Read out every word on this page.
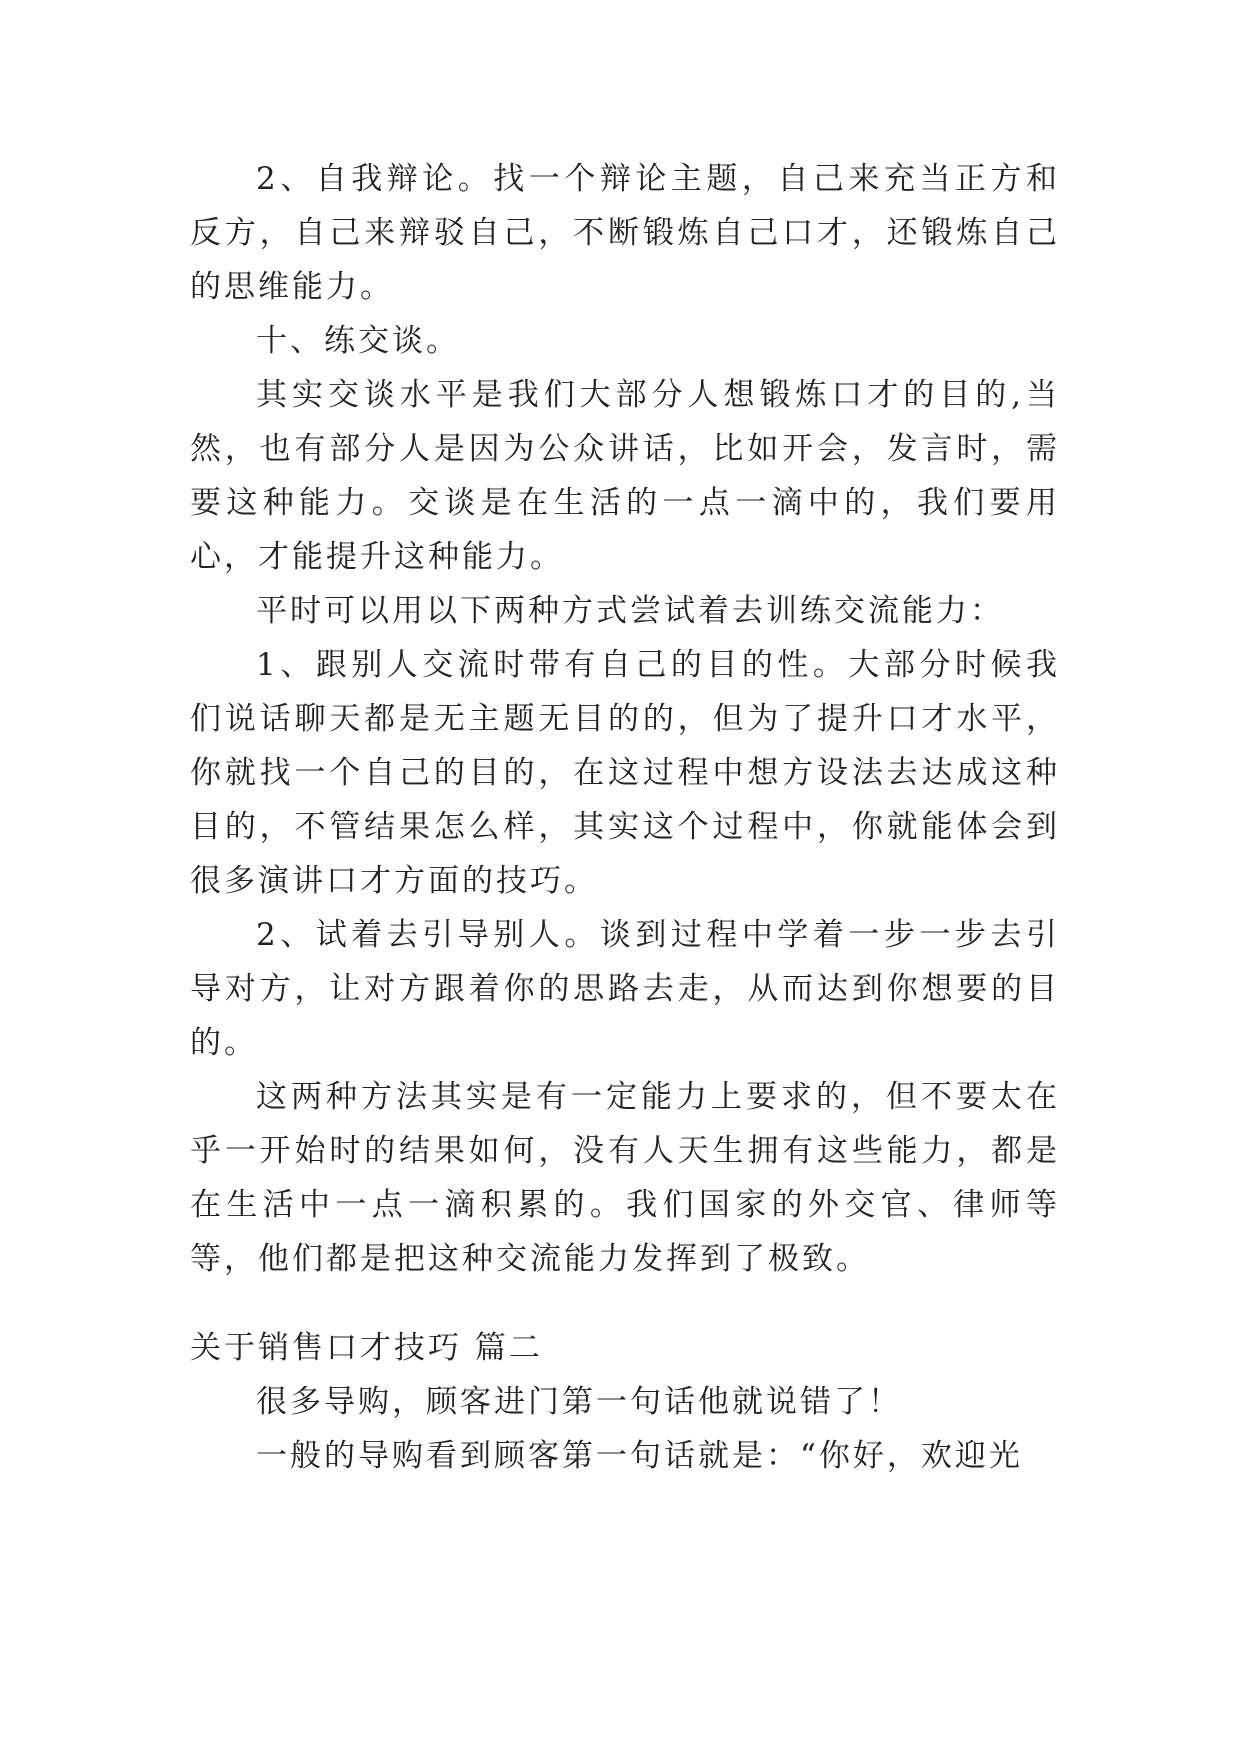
2、自我辩论。找一个辩论主题，自己来充当正方和反方，自己来辩驳自己，不断锻炼自己口才，还锻炼自己的思维能力。

十、练交谈。

其实交谈水平是我们大部分人想锻炼口才的目的,当然，也有部分人是因为公众讲话，比如开会，发言时，需要这种能力。交谈是在生活的一点一滴中的，我们要用心，才能提升这种能力。

平时可以用以下两种方式尝试着去训练交流能力：

1、跟别人交流时带有自己的目的性。大部分时候我们说话聊天都是无主题无目的的，但为了提升口才水平，你就找一个自己的目的，在这过程中想方设法去达成这种目的，不管结果怎么样，其实这个过程中，你就能体会到很多演讲口才方面的技巧。

2、试着去引导别人。谈到过程中学着一步一步去引导对方，让对方跟着你的思路去走，从而达到你想要的目的。

这两种方法其实是有一定能力上要求的，但不要太在乎一开始时的结果如何，没有人天生拥有这些能力，都是在生活中一点一滴积累的。我们国家的外交官、律师等等，他们都是把这种交流能力发挥到了极致。

关于销售口才技巧 篇二

很多导购，顾客进门第一句话他就说错了！

一般的导购看到顾客第一句话就是：“你好，欢迎光
